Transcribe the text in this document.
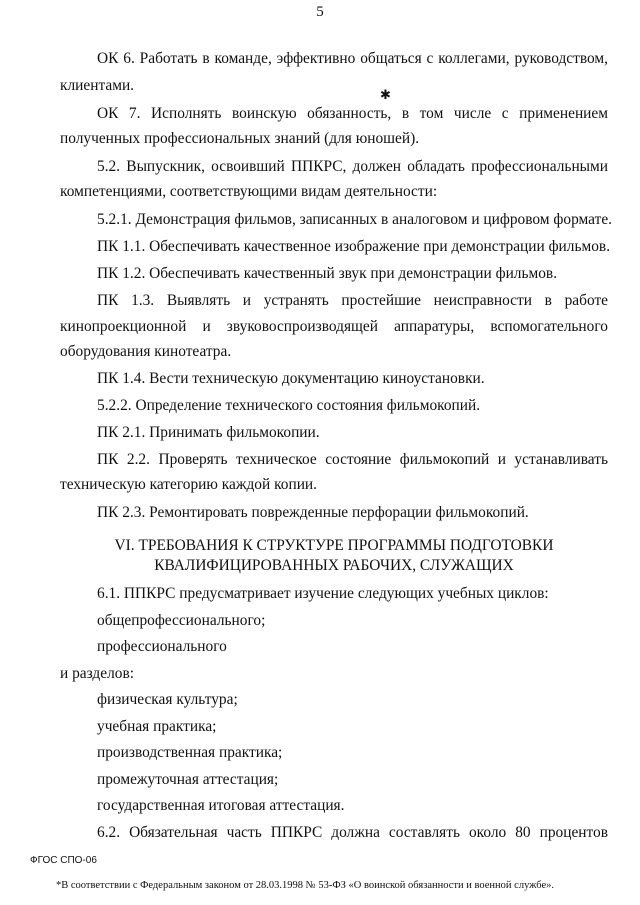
5
ОК 6. Работать в команде, эффективно общаться с коллегами, руководством,
клиентами.
ОК 7. Исполнять воинскую обязанность, в том числе с применением
✱
полученных профессиональных знаний (для юношей).
5.2. Выпускник, освоивший ППКРС, должен обладать профессиональными
компетенциями, соответствующими видам деятельности:
5.2.1. Демонстрация фильмов, записанных в аналоговом и цифровом формате.
ПК 1.1. Обеспечивать качественное изображение при демонстрации фильмов.
ПК 1.2. Обеспечивать качественный звук при демонстрации фильмов.
ПК 1.3. Выявлять и устранять простейшие неисправности в работе
кинопроекционной и звуковоспроизводящей аппаратуры, вспомогательного
оборудования кинотеатра.
ПК 1.4. Вести техническую документацию киноустановки.
5.2.2. Определение технического состояния фильмокопий.
ПК 2.1. Принимать фильмокопии.
ПК 2.2. Проверять техническое состояние фильмокопий и устанавливать
техническую категорию каждой копии.
ПК 2.3. Ремонтировать поврежденные перфорации фильмокопий.
VI. ТРЕБОВАНИЯ К СТРУКТУРЕ ПРОГРАММЫ ПОДГОТОВКИ
КВАЛИФИЦИРОВАННЫХ РАБОЧИХ, СЛУЖАЩИХ
6.1. ППКРС предусматривает изучение следующих учебных циклов:
общепрофессионального;
профессионального
и разделов:
физическая культура;
учебная практика;
производственная практика;
промежуточная аттестация;
государственная итоговая аттестация.
6.2. Обязательная часть ППКРС должна составлять около 80 процентов
ФГОС СПО-06
*В соответствии с Федеральным законом от 28.03.1998 № 53-ФЗ «О воинской обязанности и военной службе».
